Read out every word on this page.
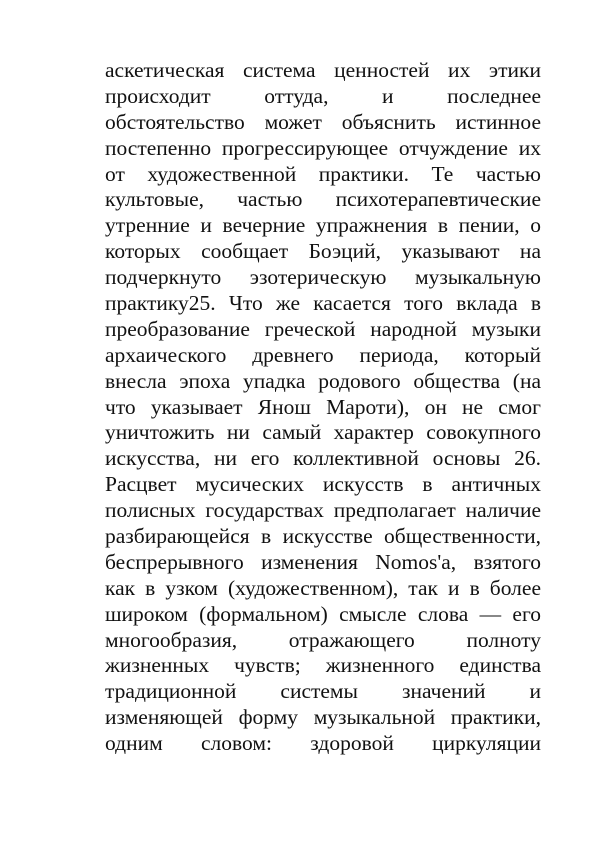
аскетическая система ценностей их этики
происходит оттуда, и последнее
обстоятельство может объяснить истинное
постепенно прогрессирующее отчуждение их
от художественной практики. Те частью
культовые, частью психотерапевтические
утренние и вечерние упражнения в пении, о
которых сообщает Боэций, указывают на
подчеркнуто эзотерическую музыкальную
практику25. Что же касается того вклада в
преобразование греческой народной музыки
архаического древнего периода, который
внесла эпоха упадка родового общества (на
что указывает Янош Мароти), он не смог
уничтожить ни самый характер совокупного
искусства, ни его коллективной основы 26.
Расцвет мусических искусств в античных
полисных государствах предполагает наличие
разбирающейся в искусстве общественности,
беспрерывного изменения Nomos'a, взятого
как в узком (художественном), так и в более
широком (формальном) смысле слова — его
многообразия, отражающего полноту
жизненных чувств; жизненного единства
традиционной системы значений и
изменяющей форму музыкальной практики,
одним словом: здоровой циркуляции
